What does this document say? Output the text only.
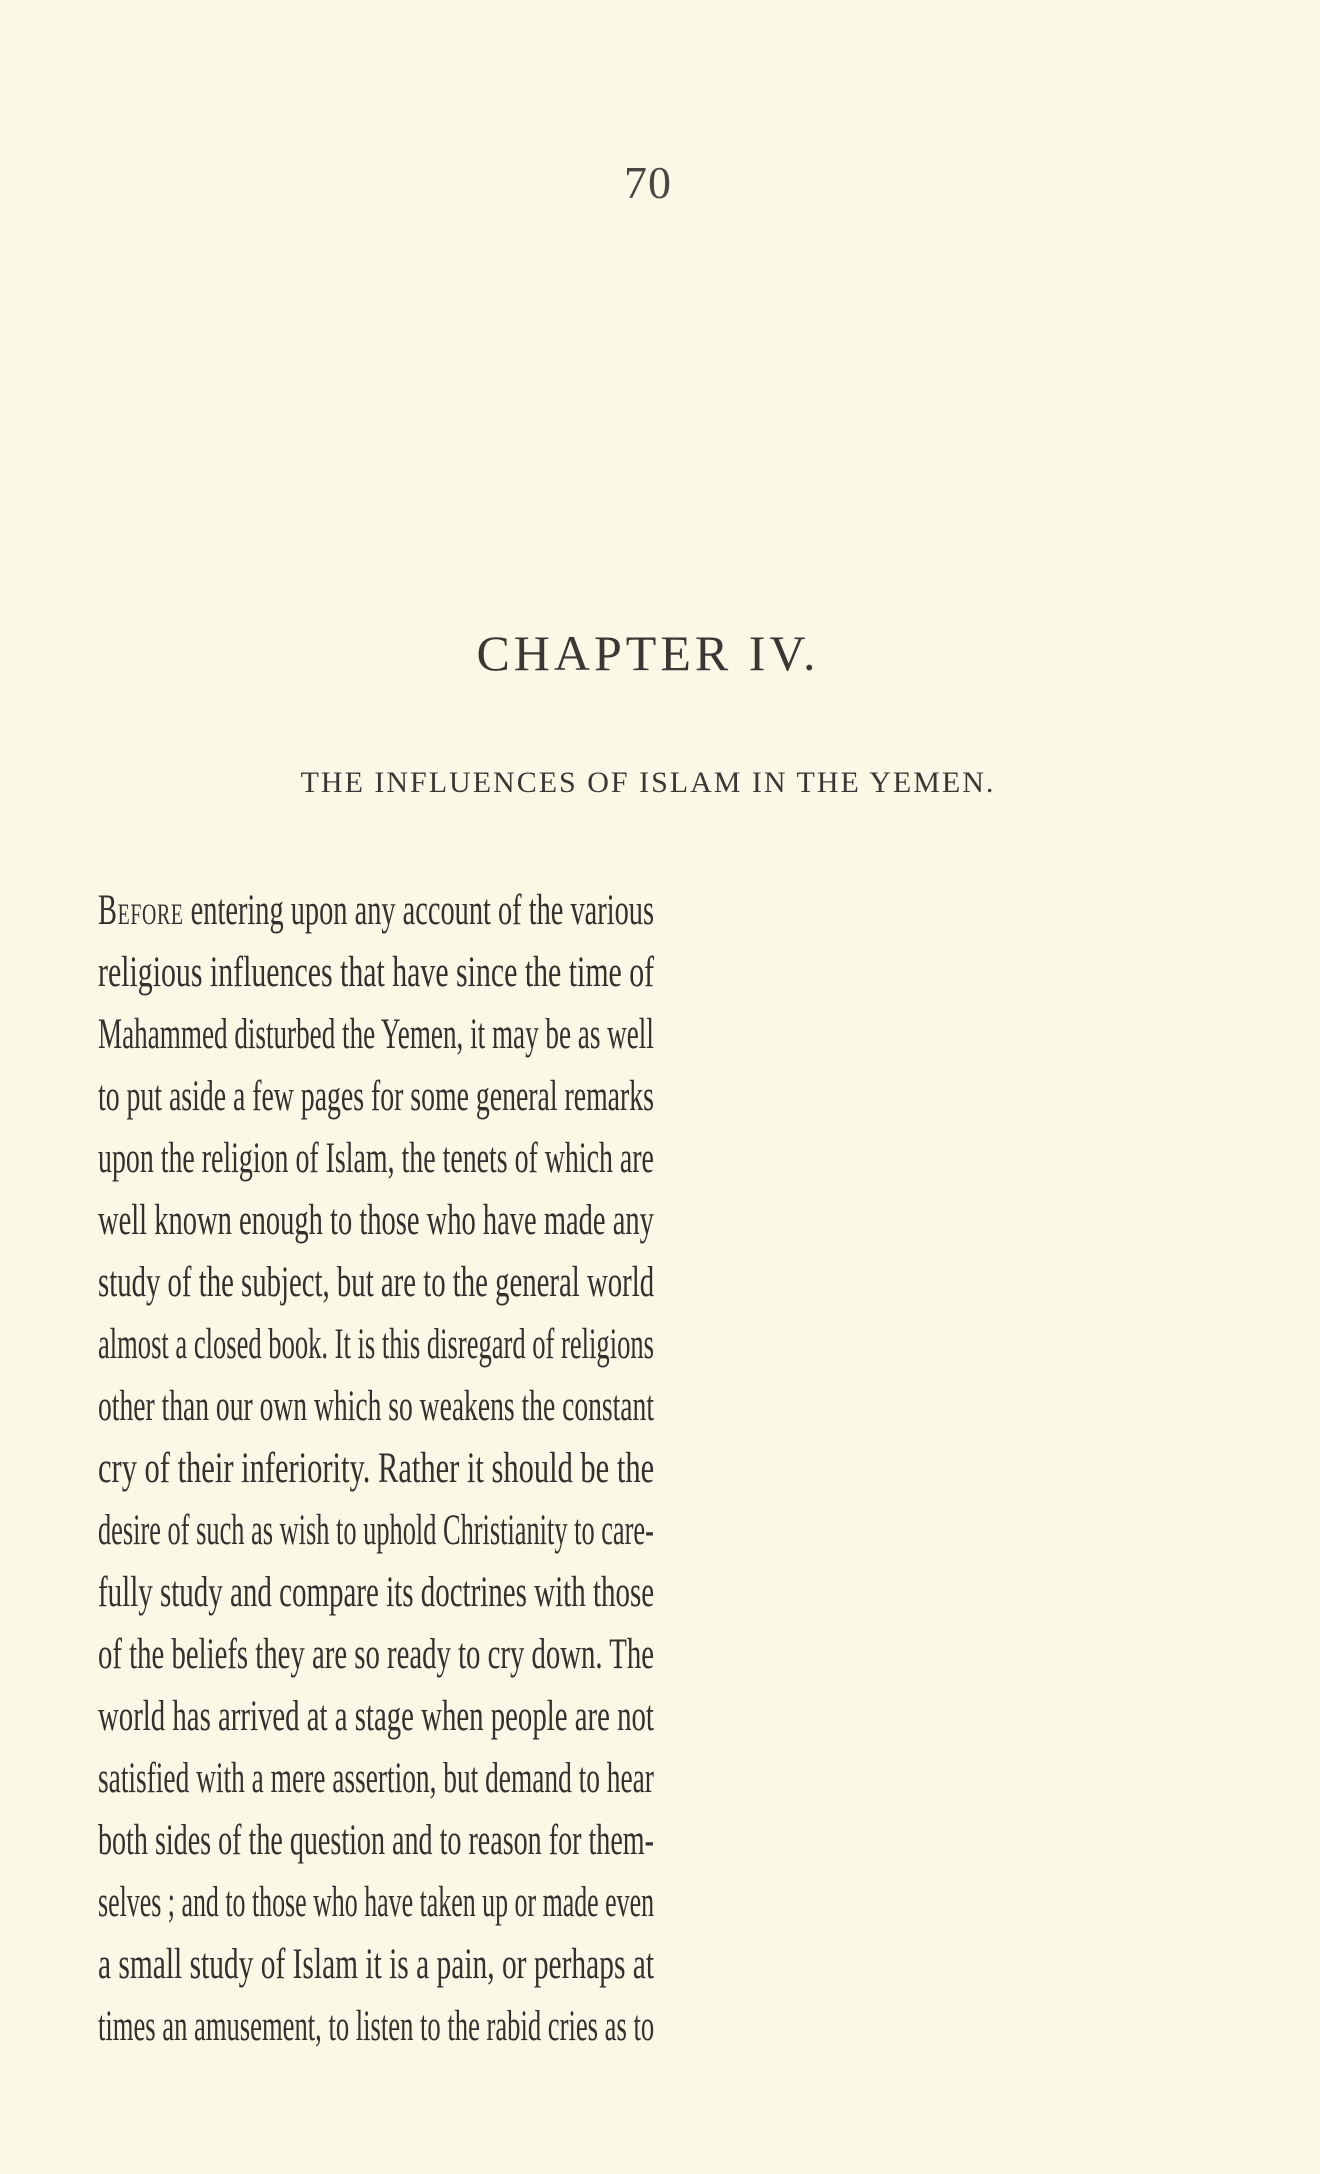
70
CHAPTER IV.
THE INFLUENCES OF ISLAM IN THE YEMEN.
Before entering upon any account of the various
religious influences that have since the time of
Mahammed disturbed the Yemen, it may be as well
to put aside a few pages for some general remarks
upon the religion of Islam, the tenets of which are
well known enough to those who have made any
study of the subject, but are to the general world
almost a closed book. It is this disregard of religions
other than our own which so weakens the constant
cry of their inferiority. Rather it should be the
desire of such as wish to uphold Christianity to care-
fully study and compare its doctrines with those
of the beliefs they are so ready to cry down. The
world has arrived at a stage when people are not
satisfied with a mere assertion, but demand to hear
both sides of the question and to reason for them-
selves ; and to those who have taken up or made even
a small study of Islam it is a pain, or perhaps at
times an amusement, to listen to the rabid cries as to
